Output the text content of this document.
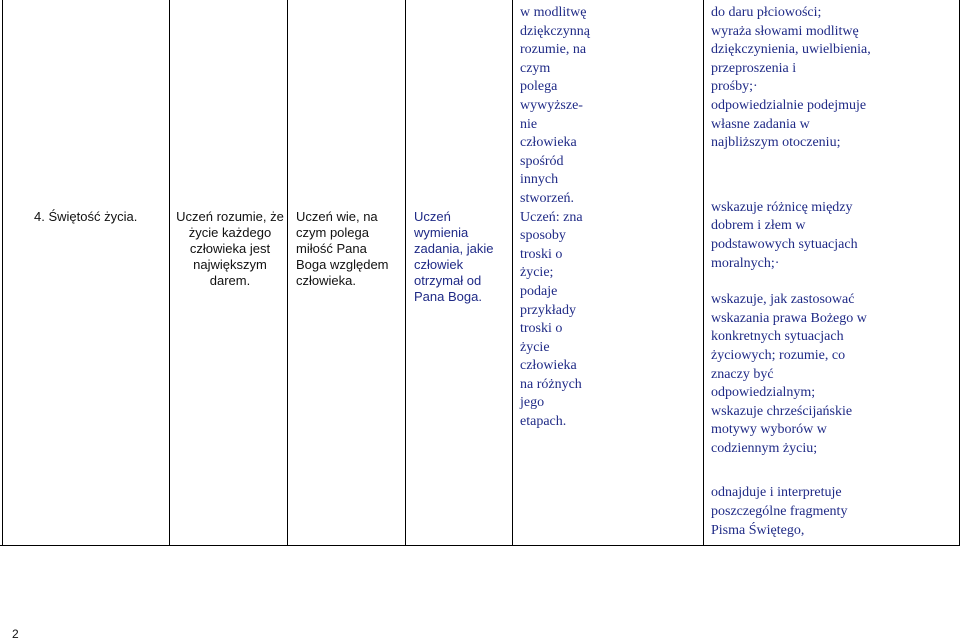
4. Świętość życia.	Uczeń rozumie, że życie każdego człowieka jest największym darem.
Uczeń wie, na czym polega miłość Pana Boga względem człowieka.
Uczeń wymienia zadania, jakie człowiek otrzymał od Pana Boga.

w modlitwę

dziękczynną

rozumie, na

czym

polega

wywyższe-

nie

człowieka

spośród

innych

stworzeń.

Uczeń: zna

sposoby

troski o

życie;

podaje

przykłady

troski o

życie

człowieka

na różnych

jego

etapach.

do daru płciowości;

wyraża słowami modlitwę

dziękczynienia, uwielbienia,

przeproszenia i

prośby;·

odpowiedzialnie podejmuje

własne zadania w

najbliższym otoczeniu;

wskazuje różnicę między

dobrem i złem w

podstawowych sytuacjach

moralnych;·

wskazuje, jak zastosować

wskazania prawa Bożego w

konkretnych sytuacjach

życiowych; rozumie, co

znaczy być

odpowiedzialnym;

wskazuje chrześcijańskie

motywy wyborów w

codziennym życiu;

odnajduje i interpretuje

poszczególne fragmenty

Pisma Świętego,

2
